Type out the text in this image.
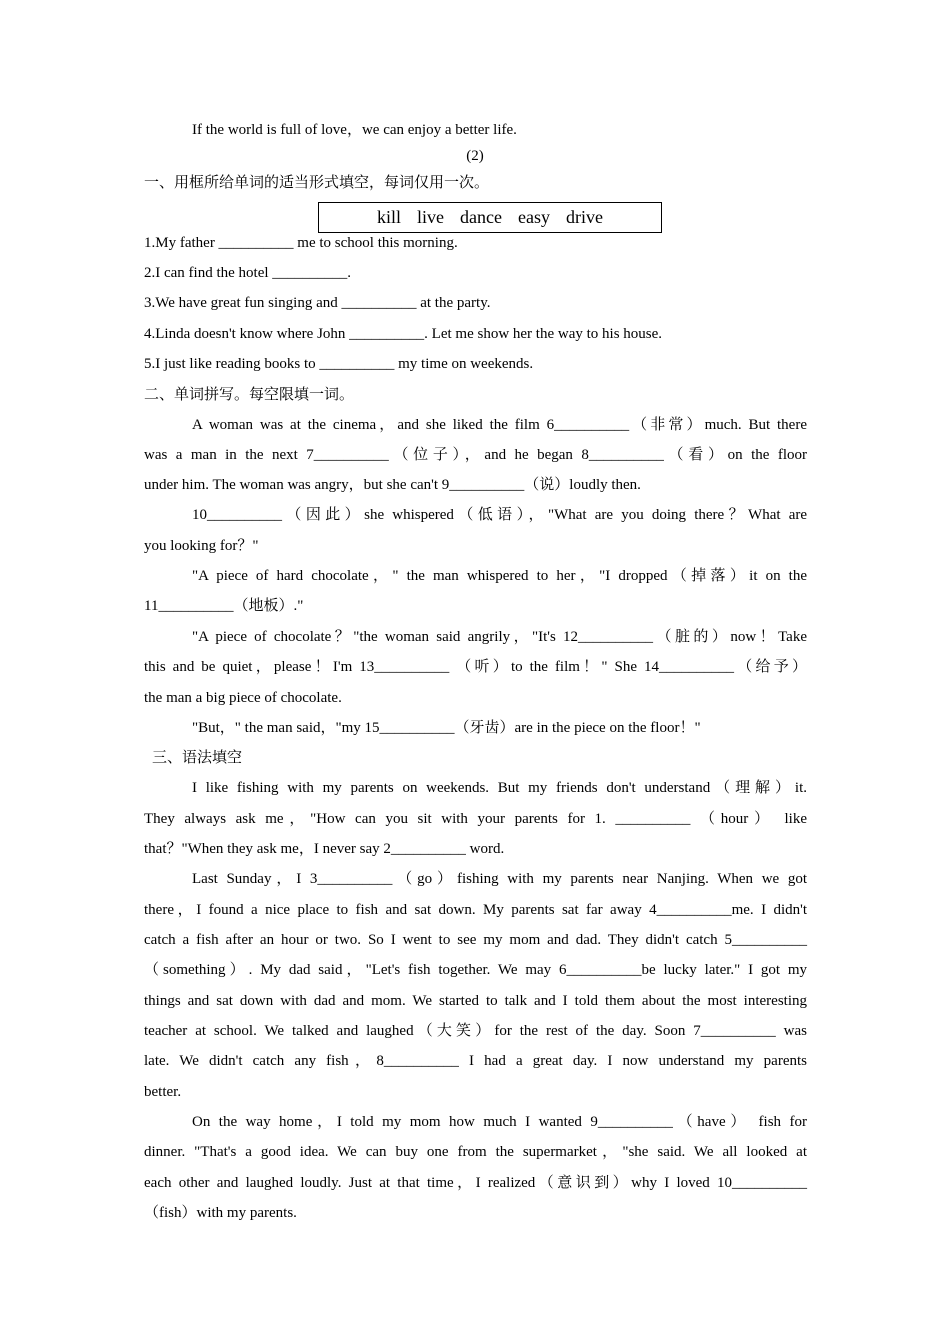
If the world is full of love，we can enjoy a better life.
(2)
一、用框所给单词的适当形式填空，每词仅用一次。
kill live dance easy drive
1.My father __________ me to school this morning.
2.I can find the hotel __________.
3.We have great fun singing and __________ at the party.
4.Linda doesn't know where John __________. Let me show her the way to his house.
5.I just like reading books to __________ my time on weekends.
二、单词拼写。每空限填一词。
A woman was at the cinema，and she liked the film 6__________（非常）much. But there
was a man in the next 7__________（位子），and he began 8__________（看）on the floor
under him. The woman was angry，but she can't 9__________（说）loudly then.
10__________（因此）she whispered（低语），"What are you doing there？What are
you looking for？"
"A piece of hard chocolate，" the man whispered to her，"I dropped（掉落）it on the
11__________（地板）."
"A piece of chocolate？"the woman said angrily，"It's 12__________（脏的）now！Take
this and be quiet，please！I'm 13__________ （听）to the film！" She 14__________（给予）
the man a big piece of chocolate.
"But，" the man said，"my 15__________（牙齿）are in the piece on the floor！"
三、语法填空
I like fishing with my parents on weekends. But my friends don't understand（理解）it.
They always ask me，"How can you sit with your parents for 1. __________ （hour） like
that？"When they ask me，I never say 2__________ word.
Last Sunday，I 3__________（go）fishing with my parents near Nanjing. When we got
there，I found a nice place to fish and sat down. My parents sat far away 4__________me. I didn't
catch a fish after an hour or two. So I went to see my mom and dad. They didn't catch 5__________
（something）. My dad said，"Let's fish together. We may 6__________be lucky later." I got my
things and sat down with dad and mom. We started to talk and I told them about the most interesting
teacher at school. We talked and laughed（大笑）for the rest of the day. Soon 7__________ was
late. We didn't catch any fish，8__________ I had a great day. I now understand my parents
better.
On the way home，I told my mom how much I wanted 9__________（have） fish for
dinner. "That's a good idea. We can buy one from the supermarket，"she said. We all looked at
each other and laughed loudly. Just at that time，I realized（意识到）why I loved 10__________
（fish）with my parents.
